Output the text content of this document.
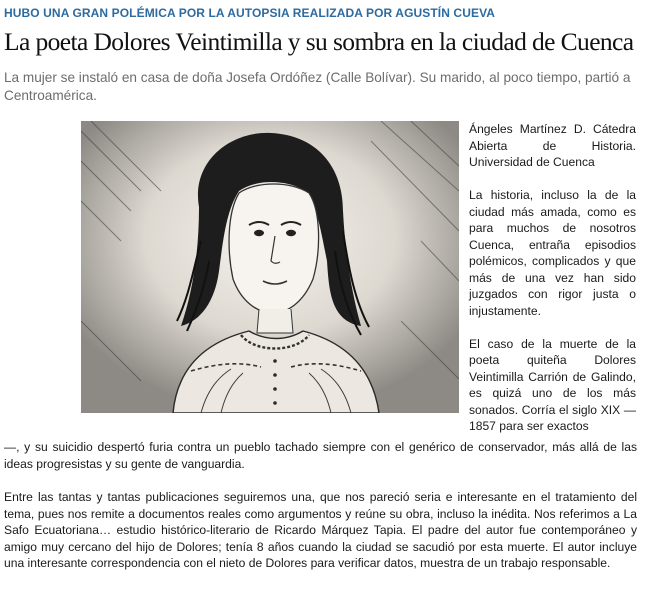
HUBO UNA GRAN POLÉMICA POR LA AUTOPSIA REALIZADA POR AGUSTÍN CUEVA
La poeta Dolores Veintimilla y su sombra en la ciudad de Cuenca

La mujer se instaló en casa de doña Josefa Ordóñez (Calle Bolívar). Su marido, al poco tiempo, partió a Centroamérica.

Ángeles Martínez D. Cátedra Abierta de Historia. Universidad de Cuenca

La historia, incluso la de la ciudad más amada, como es para muchos de nosotros Cuenca, entraña episodios polémicos, complicados y que más de una vez han sido juzgados con rigor justa o injustamente.

El caso de la muerte de la poeta quiteña Dolores Veintimilla Carrión de Galindo, es quizá uno de los más sonados. Corría el siglo XIX —1857 para ser exactos

—, y su suicidio despertó furia contra un pueblo tachado siempre con el genérico de conservador, más allá de las ideas progresistas y su gente de vanguardia.

Entre las tantas y tantas publicaciones seguiremos una, que nos pareció seria e interesante en el tratamiento del tema, pues nos remite a documentos reales como argumentos y reúne su obra, incluso la inédita. Nos referimos a La Safo Ecuatoriana… estudio histórico-literario de Ricardo Márquez Tapia. El padre del autor fue contemporáneo y amigo muy cercano del hijo de Dolores; tenía 8 años cuando la ciudad se sacudió por esta muerte. El autor incluye una interesante correspondencia con el nieto de Dolores para verificar datos, muestra de un trabajo responsable.
